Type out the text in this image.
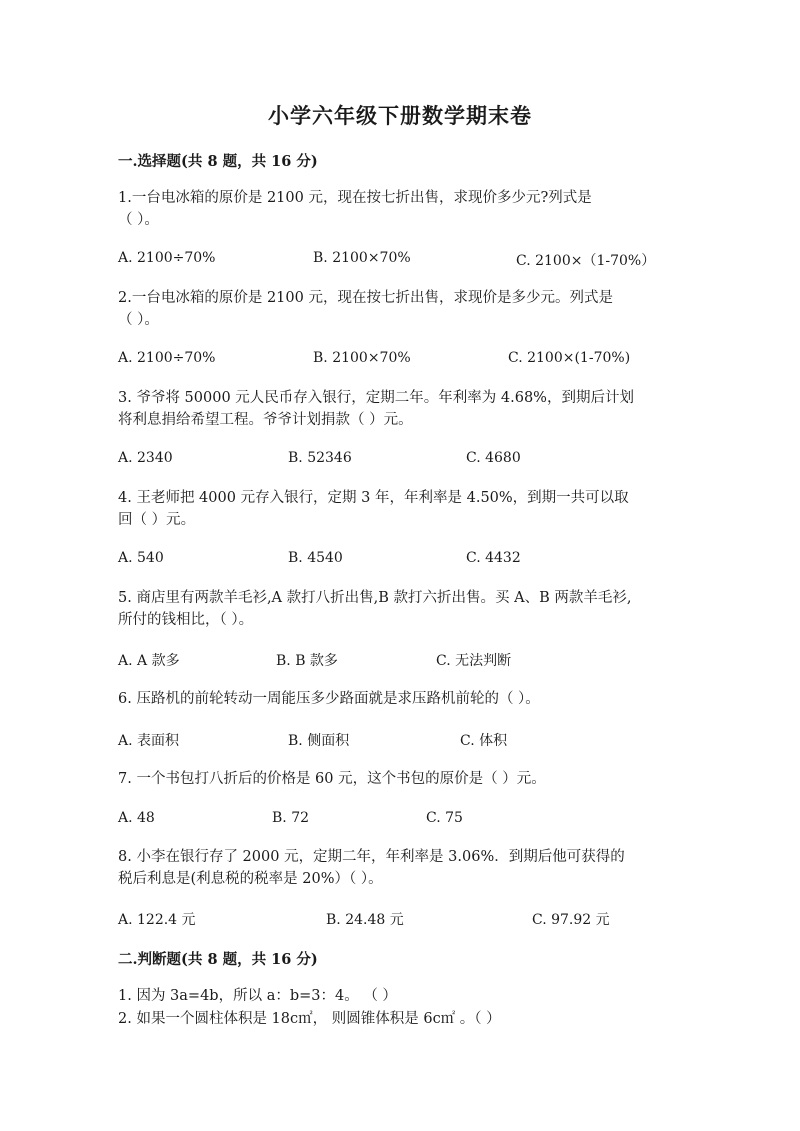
小学六年级下册数学期末卷
一.选择题(共 8 题，共 16 分)
1.一台电冰箱的原价是 2100 元，现在按七折出售，求现价多少元?列式是
（ ）。
A. 2100÷70%	B. 2100×70%	C. 2100×（1-70%）
2.一台电冰箱的原价是 2100 元，现在按七折出售，求现价是多少元。列式是
（ ）。
A. 2100÷70%	B. 2100×70%	C. 2100×(1-70%)
3. 爷爷将 50000 元人民币存入银行，定期二年。年利率为 4.68%，到期后计划
将利息捐给希望工程。爷爷计划捐款（ ）元。
A. 2340	B. 52346	C. 4680
4. 王老师把 4000 元存入银行，定期 3 年，年利率是 4.50%，到期一共可以取
回（ ）元。
A. 540	B. 4540	C. 4432
5. 商店里有两款羊毛衫,A 款打八折出售,B 款打六折出售。买 A、B 两款羊毛衫,
所付的钱相比，（ ）。
A. A 款多	B. B 款多	C. 无法判断
6. 压路机的前轮转动一周能压多少路面就是求压路机前轮的（ ）。
A. 表面积	B. 侧面积	C. 体积
7. 一个书包打八折后的价格是 60 元，这个书包的原价是（ ）元。
A. 48	B. 72	C. 75
8. 小李在银行存了 2000 元，定期二年，年利率是 3.06%．到期后他可获得的
税后利息是(利息税的税率是 20%）（ ）。
A. 122.4 元	B. 24.48 元	C. 97.92 元
二.判断题(共 8 题，共 16 分)
1. 因为 3a=4b，所以 a：b=3：4。 （ ）
2. 如果一个圆柱体积是 18c㎡， 则圆锥体积是 6c㎡ 。（ ）
